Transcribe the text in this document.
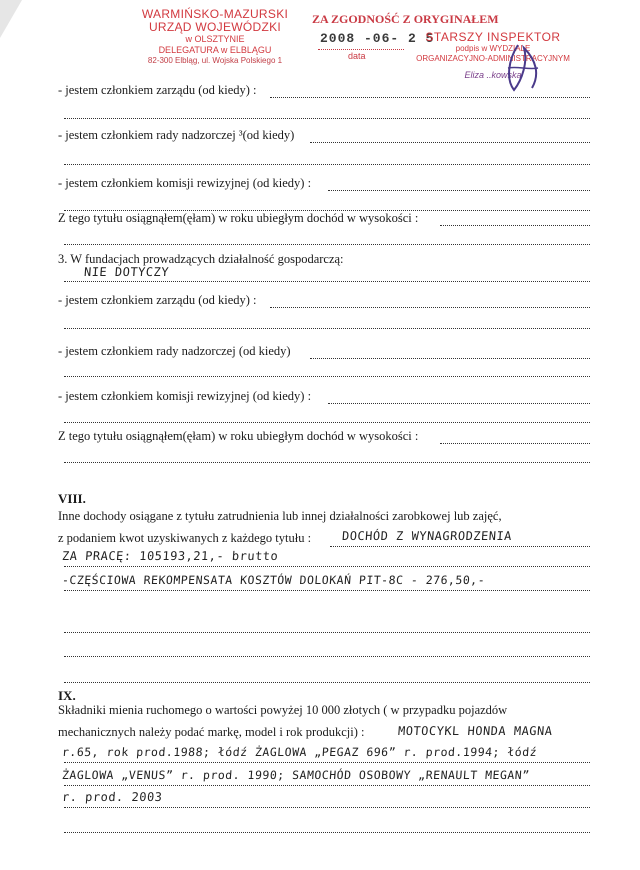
WARMIŃSKO-MAZURSKI
URZĄD WOJEWÓDZKI
w OLSZTYNIE
DELEGATURA w ELBLĄGU
82-300 Elbląg, ul. Wojska Polskiego 1
ZA ZGODNOŚĆ Z ORYGINAŁEM
2008 -06- 2 5
data
STARSZY INSPEKTOR
podpis w WYDZIALE
ORGANIZACYJNO-ADMINISTRACYJNYM
Eliza ..kowska
- jestem członkiem zarządu (od kiedy) :
- jestem członkiem rady nadzorczej ³(od kiedy)
- jestem członkiem komisji rewizyjnej (od kiedy) :
Z tego tytułu osiągnąłem(ęłam) w roku ubiegłym dochód w wysokości :
3. W fundacjach prowadzących działalność gospodarczą:
NIE DOTYCZY
- jestem członkiem zarządu (od kiedy) :
- jestem członkiem rady nadzorczej (od kiedy)
- jestem członkiem komisji rewizyjnej (od kiedy) :
Z tego tytułu osiągnąłem(ęłam) w roku ubiegłym dochód w wysokości :
VIII.
Inne dochody osiągane z tytułu zatrudnienia lub innej działalności zarobkowej lub zajęć,
z podaniem kwot uzyskiwanych z każdego tytułu :	DOCHÓD Z WYNAGRODZENIA
ZA PRACĘ: 105193,21,- brutto
-CZĘŚCIOWA REKOMPENSATA KOSZTÓW DOLOKAŃ PIT-8C - 276,50,-
IX.
Składniki mienia ruchomego o wartości powyżej 10 000 złotych ( w przypadku pojazdów
mechanicznych należy podać markę, model i rok produkcji) :	MOTOCYKL HONDA MAGNA
r.65, rok prod.1988; łódź ŻAGLOWA „PEGAZ 696” r. prod.1994; łódź
ŻAGLOWA „VENUS” r. prod. 1990; SAMOCHÓD OSOBOWY „RENAULT MEGAN”
r. prod. 2003
